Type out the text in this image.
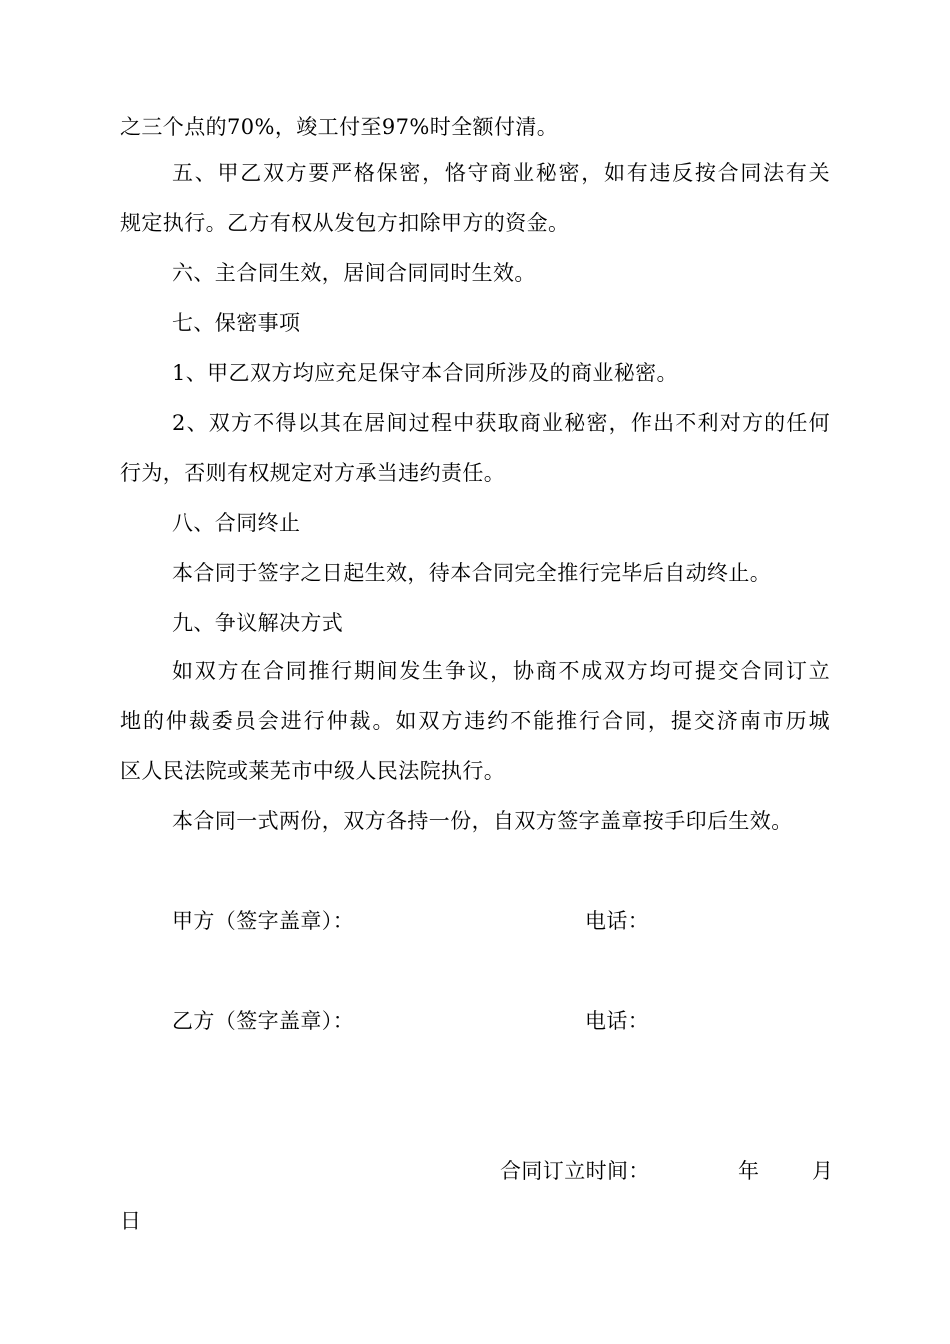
之三个点的70%，竣工付至97%时全额付清。
五、甲乙双方要严格保密，恪守商业秘密，如有违反按合同法有关
规定执行。乙方有权从发包方扣除甲方的资金。
六、主合同生效，居间合同同时生效。
七、保密事项
1、甲乙双方均应充足保守本合同所涉及的商业秘密。
2、双方不得以其在居间过程中获取商业秘密，作出不利对方的任何
行为，否则有权规定对方承当违约责任。
八、合同终止
本合同于签字之日起生效，待本合同完全推行完毕后自动终止。
九、争议解决方式
如双方在合同推行期间发生争议，协商不成双方均可提交合同订立
地的仲裁委员会进行仲裁。如双方违约不能推行合同，提交济南市历城
区人民法院或莱芜市中级人民法院执行。
本合同一式两份，双方各持一份，自双方签字盖章按手印后生效。
甲方（签字盖章）：	电话：
乙方（签字盖章）：	电话：
合同订立时间：	年	月
日
